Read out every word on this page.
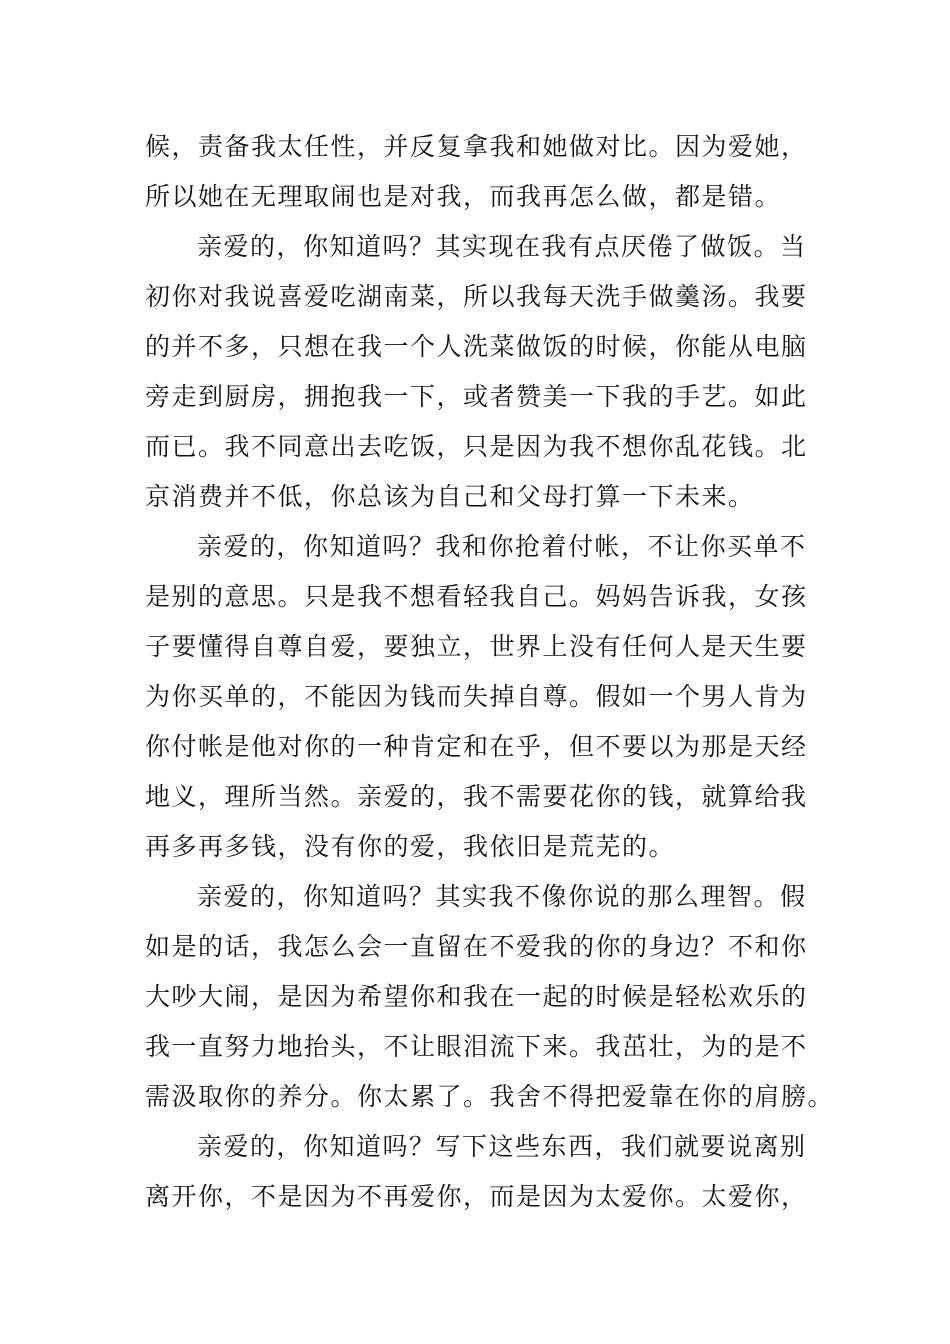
候，责备我太任性，并反复拿我和她做对比。因为爱她，
所以她在无理取闹也是对我，而我再怎么做，都是错。
亲爱的，你知道吗？其实现在我有点厌倦了做饭。当
初你对我说喜爱吃湖南菜，所以我每天洗手做羹汤。我要
的并不多，只想在我一个人洗菜做饭的时候，你能从电脑
旁走到厨房，拥抱我一下，或者赞美一下我的手艺。如此
而已。我不同意出去吃饭，只是因为我不想你乱花钱。北
京消费并不低，你总该为自己和父母打算一下未来。
亲爱的，你知道吗？我和你抢着付帐，不让你买单不
是别的意思。只是我不想看轻我自己。妈妈告诉我，女孩
子要懂得自尊自爱，要独立，世界上没有任何人是天生要
为你买单的，不能因为钱而失掉自尊。假如一个男人肯为
你付帐是他对你的一种肯定和在乎，但不要以为那是天经
地义，理所当然。亲爱的，我不需要花你的钱，就算给我
再多再多钱，没有你的爱，我依旧是荒芜的。
亲爱的，你知道吗？其实我不像你说的那么理智。假
如是的话，我怎么会一直留在不爱我的你的身边？不和你
大吵大闹，是因为希望你和我在一起的时候是轻松欢乐的
我一直努力地抬头，不让眼泪流下来。我茁壮，为的是不
需汲取你的养分。你太累了。我舍不得把爱靠在你的肩膀。
亲爱的，你知道吗？写下这些东西，我们就要说离别
离开你，不是因为不再爱你，而是因为太爱你。太爱你，
